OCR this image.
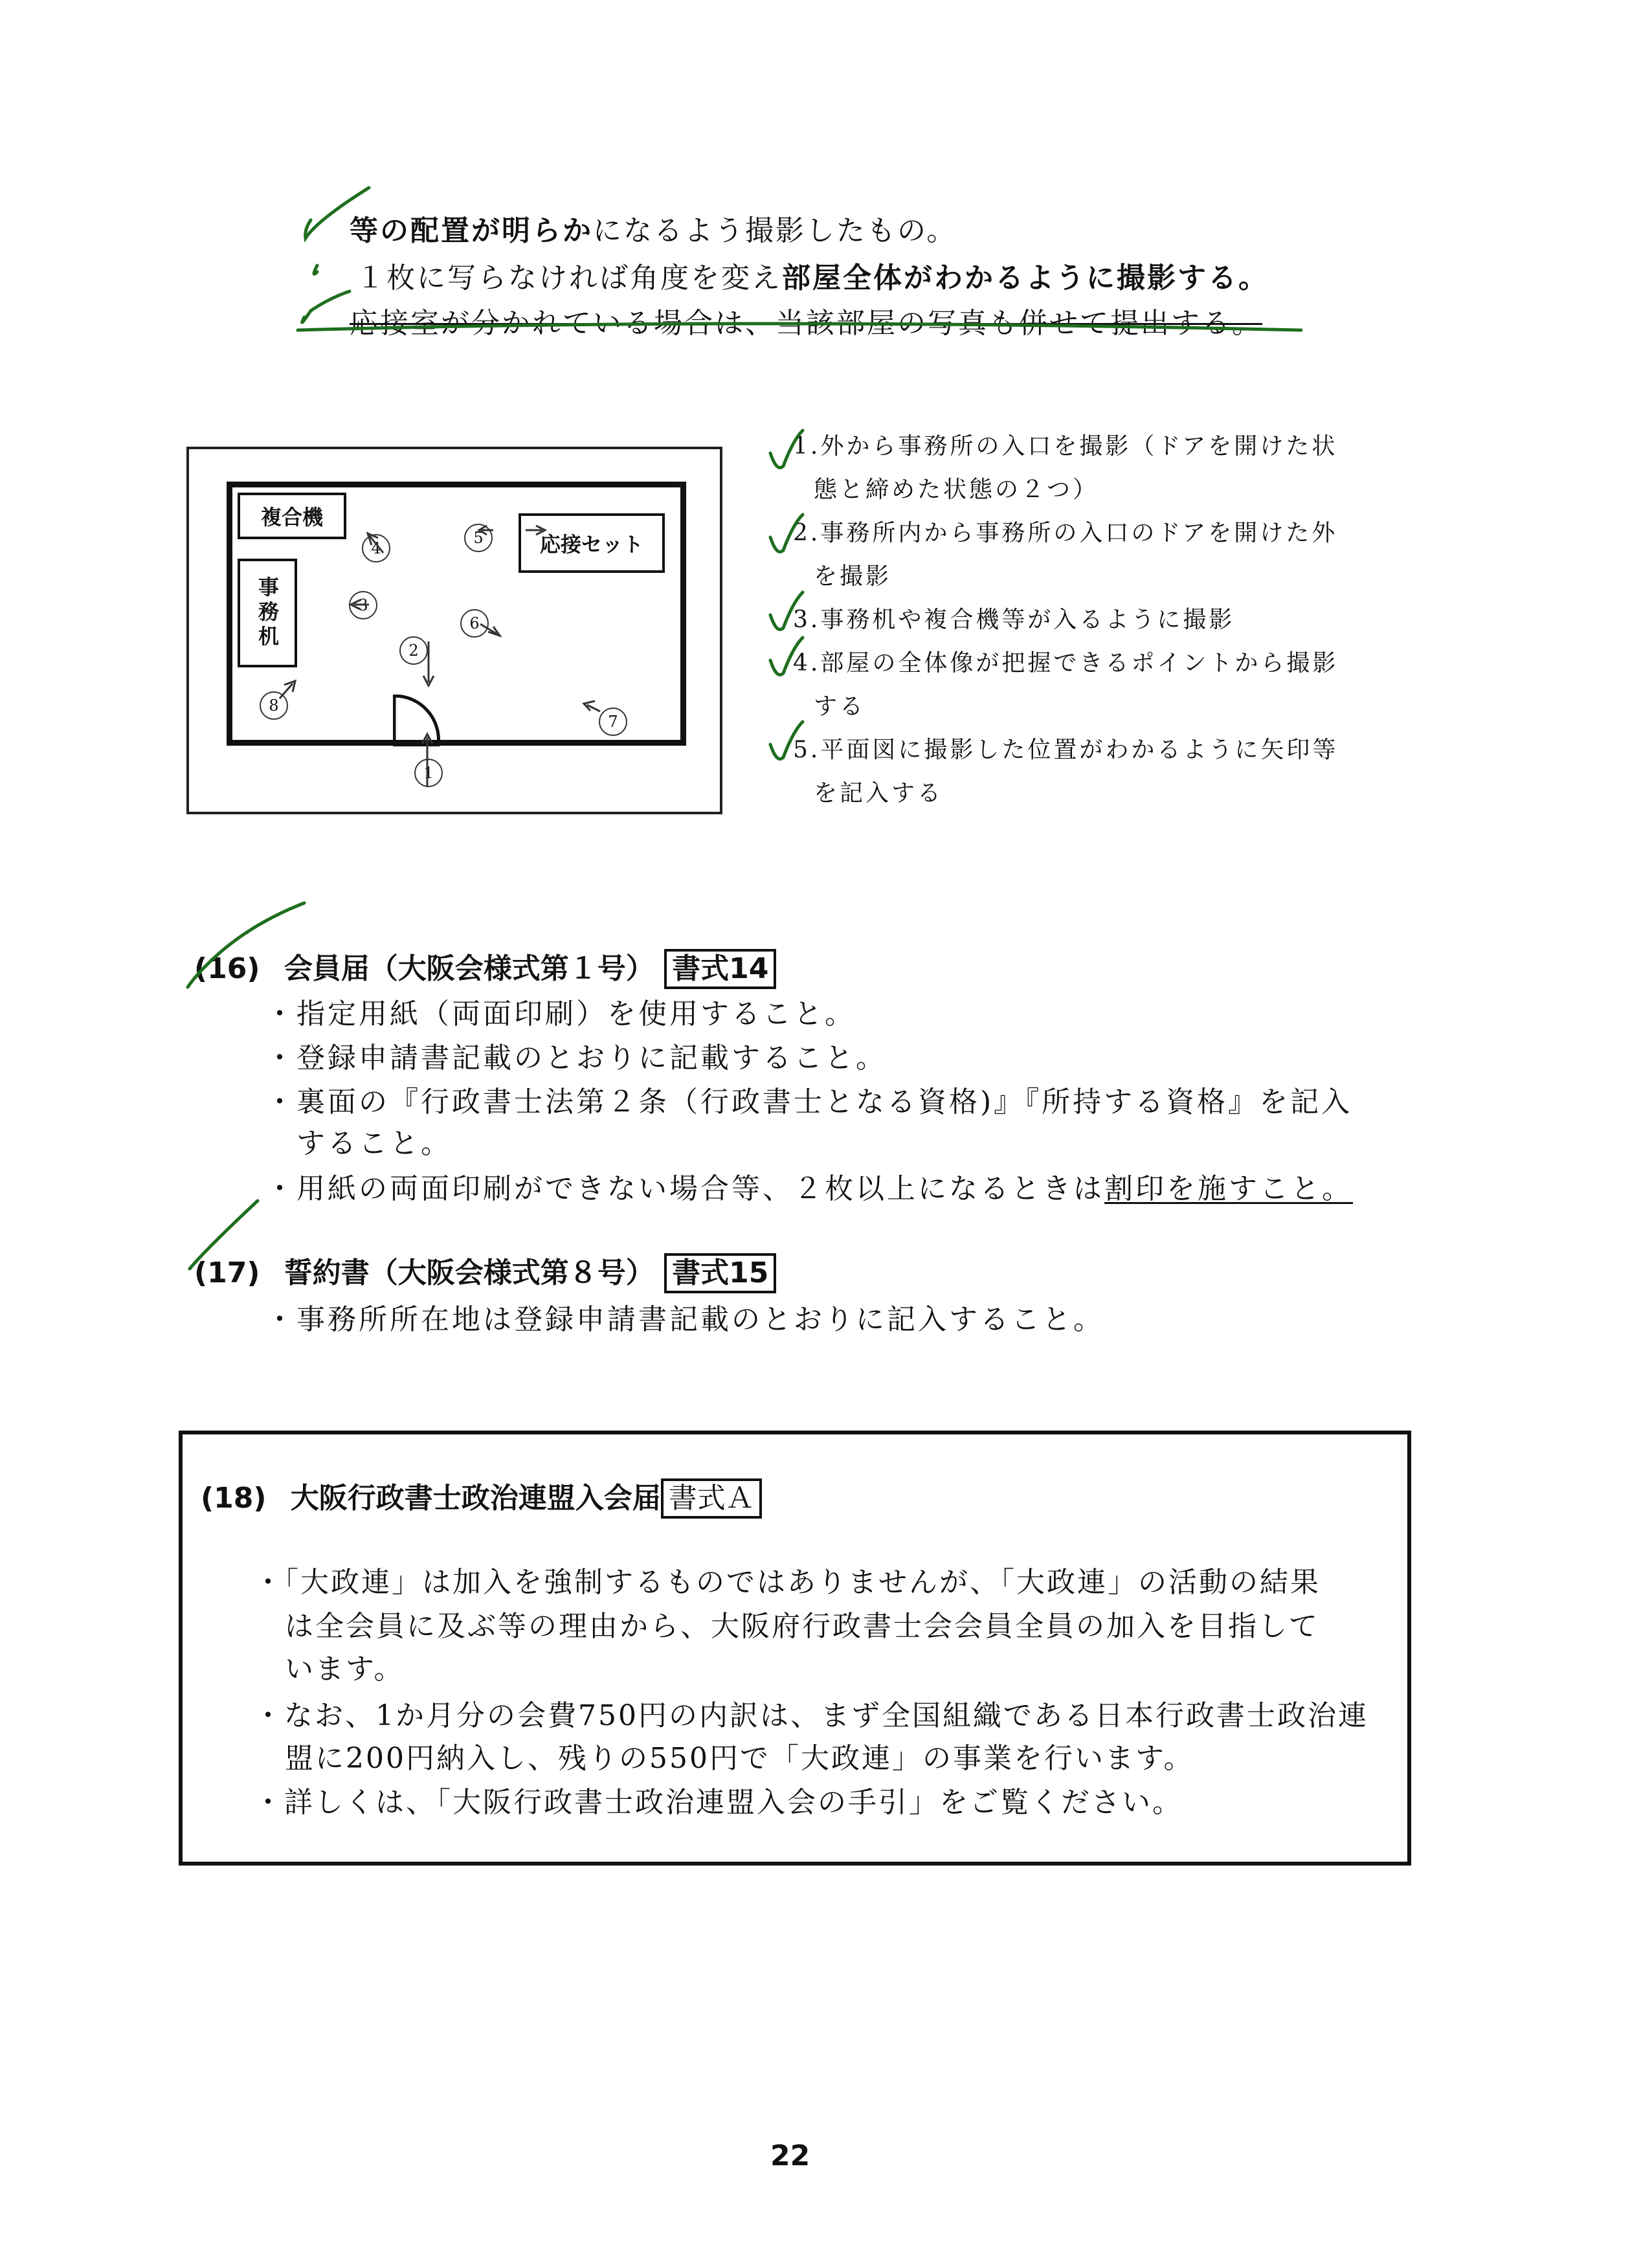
等の配置が明らかになるよう撮影したもの。
１枚に写らなければ角度を変え部屋全体がわかるように撮影する。
応接室が分かれている場合は、当該部屋の写真も併せて提出する。
複合機
応接セット
事務机
2
3
4
5
6
7
8
1
1.外から事務所の入口を撮影（ドアを開けた状
態と締めた状態の２つ）
2.事務所内から事務所の入口のドアを開けた外
を撮影
3.事務机や複合機等が入るように撮影
4.部屋の全体像が把握できるポイントから撮影
する
5.平面図に撮影した位置がわかるように矢印等
を記入する
(16) 会員届（大阪会様式第１号） 書式14
・指定用紙（両面印刷）を使用すること。
・登録申請書記載のとおりに記載すること。
・裏面の『行政書士法第２条（行政書士となる資格)』『所持する資格』を記入
すること。
・用紙の両面印刷ができない場合等、２枚以上になるときは割印を施すこと。
(17) 誓約書（大阪会様式第８号） 書式15
・事務所所在地は登録申請書記載のとおりに記入すること。
(18) 大阪行政書士政治連盟入会届 書式Ａ
・「大政連」は加入を強制するものではありませんが、「大政連」の活動の結果
は全会員に及ぶ等の理由から、大阪府行政書士会会員全員の加入を目指して
います。
・なお、1か月分の会費750円の内訳は、まず全国組織である日本行政書士政治連
盟に200円納入し、残りの550円で「大政連」の事業を行います。
・詳しくは、「大阪行政書士政治連盟入会の手引」をご覧ください。
22
